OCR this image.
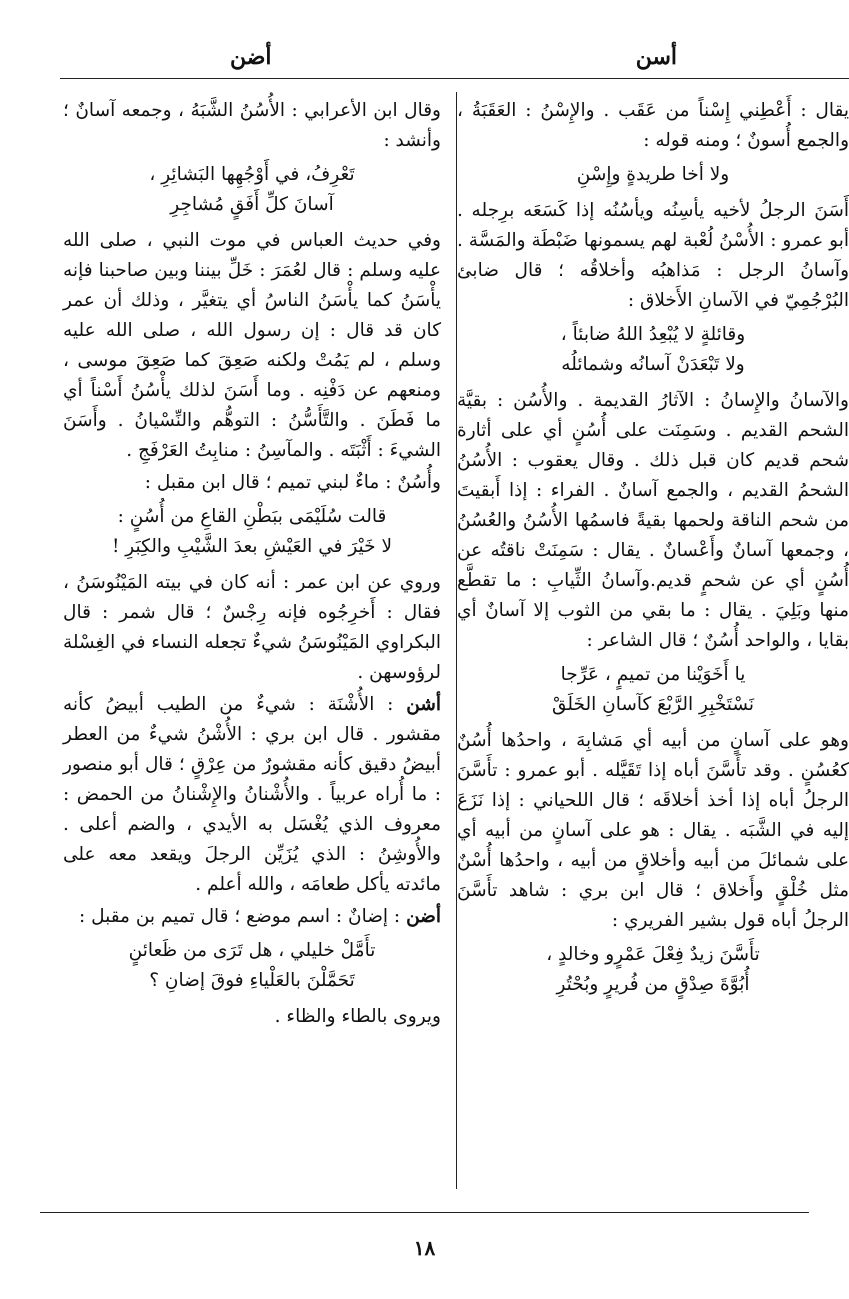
أسن
أضن

يقال : أَعْطِني إِسْناً من عَقَب . والإِسْنُ : العَقَبَةُ ، والجمع أُسونٌ ؛ ومنه قوله :

ولا أخا طريدةٍ وإِسْنِ

أَسَنَ الرجلُ لأخيه يأسِنُه ويأسُنُه إذا كَسَعَه برِجله . أبو عمرو : الأُسْنُ لُعْبة لهم يسمونها ضَبْطَة والمَسَّة . وآسانُ الرجل : مَذاهبُه وأخلاقُه ؛ قال ضابئ البُرْجُمِيّ في الآسانِ الأَخلاق :

وقائلةٍ لا يُبْعِدُ اللهُ ضابئاً ،
ولا تَبْعَدَنْ آسانُه وشمائلُه

والآسانُ والإِسانُ : الآثارُ القديمة . والأُسُن : بقيَّة الشحم القديم . وسَمِنَت على أُسُنٍ أي على أثارة شحم قديم كان قبل ذلك . وقال يعقوب : الأُسُنُ الشحمُ القديم ، والجمع آسانٌ . الفراء : إذا أَبقيتَ من شحم الناقة ولحمها بقيةً فاسمُها الأُسُنُ والعُسُنُ ، وجمعها آسانٌ وأَعْسانٌ . يقال : سَمِنَتْ ناقتُه عن أُسُنٍ أي عن شحمٍ قديم.وآسانُ الثِّيابِ : ما تقطَّع منها وبَلِيَ . يقال : ما بقي من الثوب إلا آسانٌ أي بقايا ، والواحد أُسُنٌ ؛ قال الشاعر :

يا أَخَوَيْنا من تميمٍ ، عَرِّجا
نَسْتَخْبِرِ الرَّبْعَ كآسانِ الخَلَقْ

وهو على آسانٍ من أبيه أي مَشابِهَ ، واحدُها أُسُنٌ كعُسُنٍ . وقد تأَسَّنَ أباه إذا تَقَيَّله . أبو عمرو : تأَسَّنَ الرجلُ أباه إذا أخذ أخلاقَه ؛ قال اللحياني : إذا نَزَعَ إليه في الشَّبَه . يقال : هو على آسانٍ من أبيه أي على شمائلَ من أبيه وأخلاقٍ من أبيه ، واحدُها أُسْنٌ مثل خُلْقٍ وأَخلاق ؛ قال ابن بري : شاهد تأَسَّنَ الرجلُ أباه قول بشير الفريري :

تأَسَّنَ زيدٌ فِعْلَ عَمْرٍو وخالدٍ ،
أُبُوَّةَ صِدْقٍ من فُريرٍ وبُحْتُرِ

وقال ابن الأعرابي : الأُسُنُ الشَّبَهُ ، وجمعه آسانٌ ؛ وأنشد :

تَعْرِفُ، في أَوْجُهِها البَشائِرِ ،
آسانَ كلِّ أَفَقٍ مُشاجِرِ

وفي حديث العباس في موت النبي ، صلى الله عليه وسلم : قال لعُمَرَ : خَلِّ بيننا وبين صاحبنا فإنه يأْسَنُ كما يأْسَنُ الناسُ أي يتغيَّر ، وذلك أن عمر كان قد قال : إن رسول الله ، صلى الله عليه وسلم ، لم يَمُتْ ولكنه صَعِقَ كما صَعِقَ موسى ، ومنعهم عن دَفْنِه . وما أَسَنَ لذلك يأْسُنُ أَسْناً أي ما فَطَنَ . والتَّأَسُّنُ : التوهُّم والنِّسْيانُ . وأَسَنَ الشيءَ : أَثْبَتَه . والمآسِنُ : منابِتُ العَرْفَجِ .

وأُسُنٌ : ماءٌ لبني تميم ؛ قال ابن مقبل :

قالت سُلَيْمَى ببَطْنِ القاعِ من أُسُنٍ :
لا خَيْرَ في العَيْشِ بعدَ الشَّيْبِ والكِبَرِ !

وروي عن ابن عمر : أنه كان في بيته المَيْنُوسَنُ ، فقال : أَخرِجُوه فإنه رِجْسٌ ؛ قال شمر : قال البكراوي المَيْنُوسَنُ شيءٌ تجعله النساء في الغِسْلة لرؤوسهن .

أشن : الأُشْنَة : شيءٌ من الطيب أبيضُ كأنه مقشور . قال ابن بري : الأُشْنُ شيءٌ من العطر أبيضُ دقيق كأنه مقشورٌ من عِرْقٍ ؛ قال أبو منصور : ما أُراه عربياً . والأُشْنانُ والإِشْنانُ من الحمض : معروف الذي يُغْسَل به الأيدي ، والضم أعلى . والأُوشِنُ : الذي يُزَيِّن الرجلَ ويقعد معه على مائدته يأكل طعامَه ، والله أعلم .

أضن : إضانٌ : اسم موضع ؛ قال تميم بن مقبل :

تأَمَّلْ خليلي ، هل تَرَى من ظَعائنٍ
تَحَمَّلْنَ بالعَلْياءِ فوقَ إضانِ ؟

ويروى بالطاء والظاء .

١٨
